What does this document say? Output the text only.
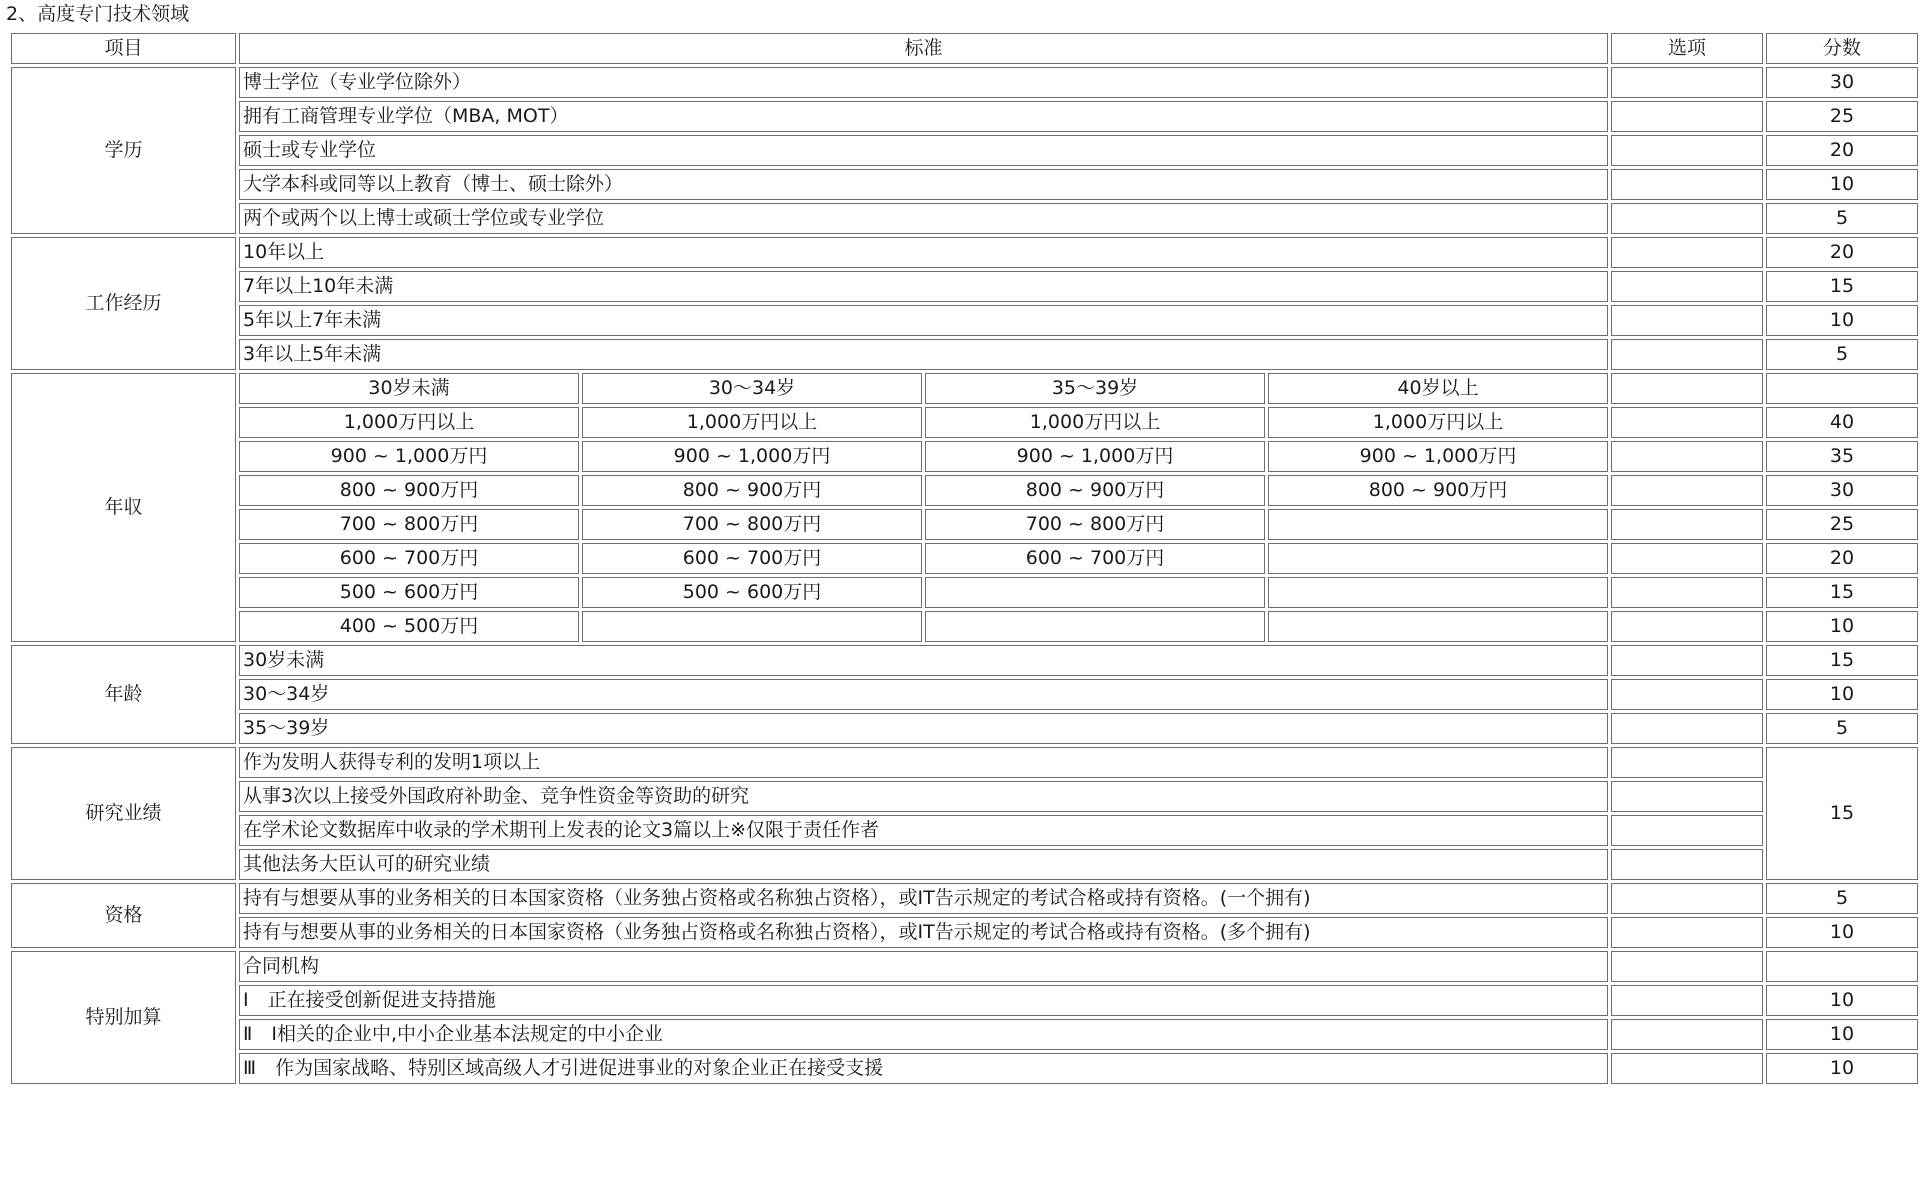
2、高度专门技术领域
项目	标准				选项	分数
学历	博士学位（专业学位除外）					30
	拥有工商管理专业学位（MBA, MOT）					25
	硕士或专业学位					20
	大学本科或同等以上教育（博士、硕士除外）					10
	两个或两个以上博士或硕士学位或专业学位					5
工作经历	10年以上					20
	7年以上10年未满					15
	5年以上7年未满					10
	3年以上5年未满					5
年収	30岁未满	30～34岁	35～39岁	40岁以上		
	1,000万円以上	1,000万円以上	1,000万円以上	1,000万円以上		40
	900 ~ 1,000万円	900 ~ 1,000万円	900 ~ 1,000万円	900 ~ 1,000万円		35
	800 ~ 900万円	800 ~ 900万円	800 ~ 900万円	800 ~ 900万円		30
	700 ~ 800万円	700 ~ 800万円	700 ~ 800万円			25
	600 ~ 700万円	600 ~ 700万円	600 ~ 700万円			20
	500 ~ 600万円	500 ~ 600万円				15
	400 ~ 500万円					10
年龄	30岁未满					15
	30～34岁					10
	35～39岁					5
研究业绩	作为发明人获得专利的发明1项以上					15
	从事3次以上接受外国政府补助金、竞争性资金等资助的研究					
	在学术论文数据库中收录的学术期刊上发表的论文3篇以上※仅限于责任作者					
	其他法务大臣认可的研究业绩					
资格	持有与想要从事的业务相关的日本国家资格（业务独占资格或名称独占资格），或IT告示规定的考试合格或持有资格。(一个拥有)					5
	持有与想要从事的业务相关的日本国家资格（业务独占资格或名称独占资格），或IT告示规定的考试合格或持有资格。(多个拥有)					10
特别加算	合同机构					
	Ⅰ　正在接受创新促进支持措施					10
	Ⅱ　Ⅰ相关的企业中,中小企业基本法规定的中小企业					10
	Ⅲ　作为国家战略、特别区域高级人才引进促进事业的对象企业正在接受支援					10
